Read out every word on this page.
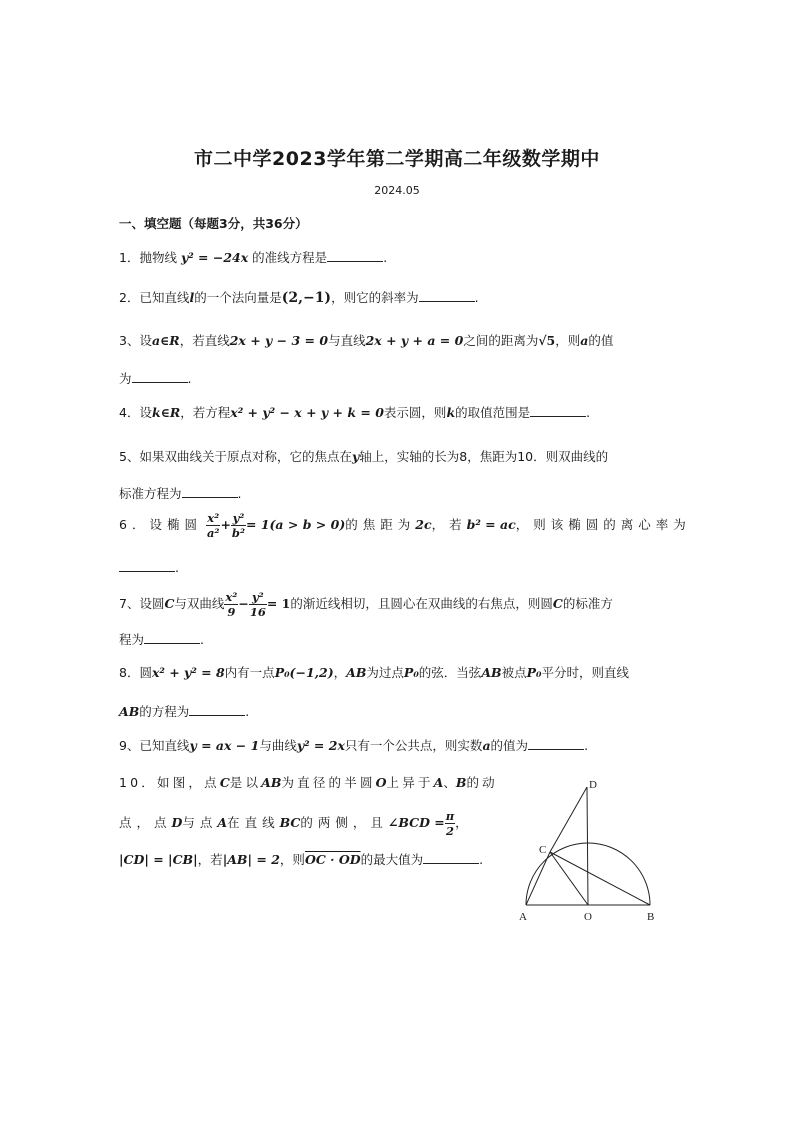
市二中学2023学年第二学期高二年级数学期中
2024.05
一、填空题（每题3分，共36分）
1．抛物线 y² = −24x 的准线方程是	.
2．已知直线l的一个法向量是(2,−1)，则它的斜率为	.
3、设a∈R，若直线2x + y − 3 = 0与直线2x + y + a = 0之间的距离为√5，则a的值
为	.
4．设k∈R，若方程x² + y² − x + y + k = 0表示圆，则k的取值范围是	.
5、如果双曲线关于原点对称，它的焦点在y轴上，实轴的长为8，焦距为10．则双曲线的
标准方程为	.
6．设椭圆 $\frac{\text{x²}}{\text{a²}} + \frac{\text{y²}}{\text{b²}} = 1(a > b > 0)$的焦距为2c，若b² = ac，则该椭圆的离心率为
.
7、设圆C与双曲线 $\frac{\text{x²}}{9} - \frac{\text{y²}}{16} = 1$的渐近线相切，且圆心在双曲线的右焦点，则圆C的标准方
程为	.
8．圆x² + y² = 8内有一点P₀(−1,2)，AB为过点P₀的弦．当弦AB被点P₀平分时，则直线
AB的方程为	.
9、已知直线y = ax − 1与曲线y² = 2x只有一个公共点，则实数a的值为	.
10．如图，点C是以AB为直径的半圆O上异于A、B的动
点，点D与点A在直线BC的两侧，且∠BCD = $\frac{\pi}{2}$ ，
|CD| = |CB|，若|AB| = 2，则OC · OD的最大值为	.
A	O	B
C
D
